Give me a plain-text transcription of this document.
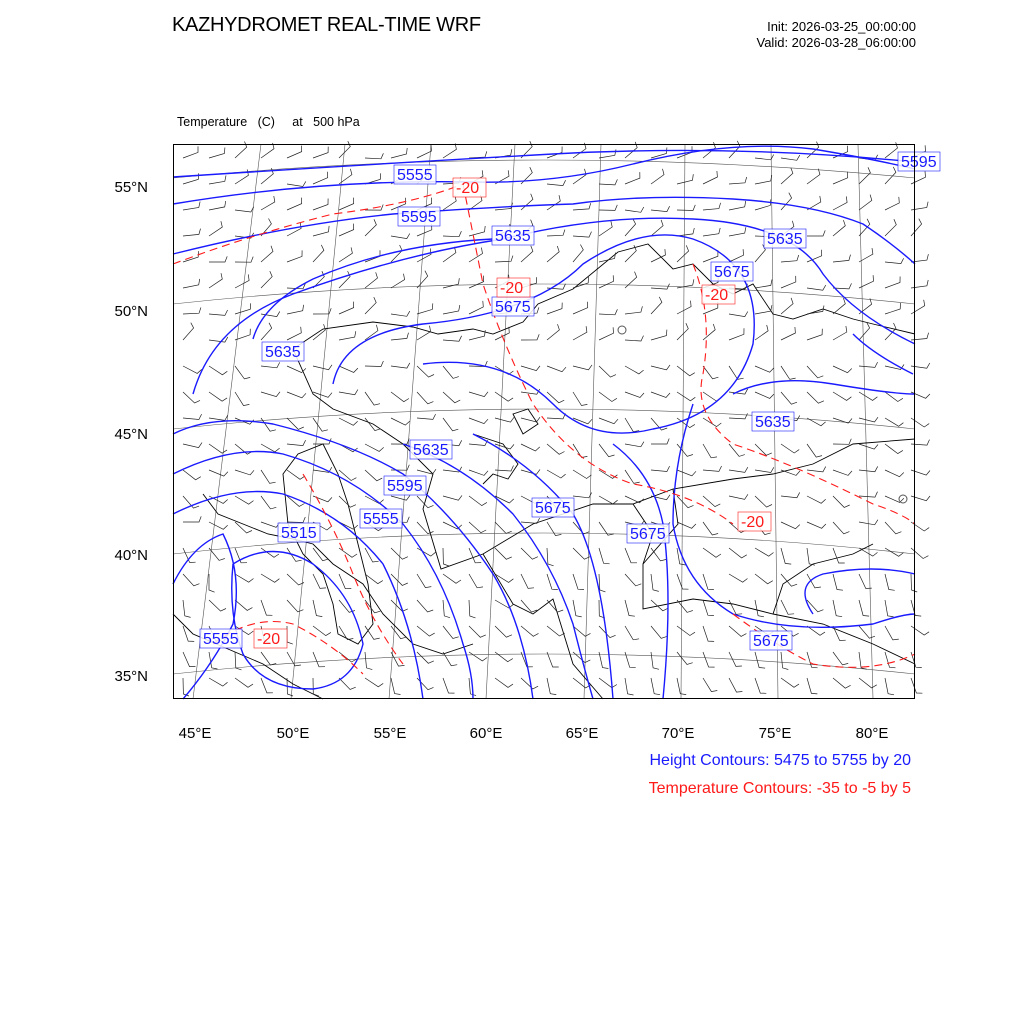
KAZHYDROMET REAL-TIME WRF	Init: 2026-03-25_00:00:00
Valid: 2026-03-28_06:00:00

Temperature   (C)     at   500 hPa

5555
5595
5635
5675
5595
5635
5675
5635
5635
5595
5555
5515
5675
5675
5555
5635
5675
-20
-20	-20
-20
-20
55°N
50°N
45°N
40°N
35°N
45°E	50°E	55°E	60°E	65°E	70°E	75°E	80°E
Height Contours: 5475 to 5755 by 20
Temperature Contours: -35 to -5 by 5
